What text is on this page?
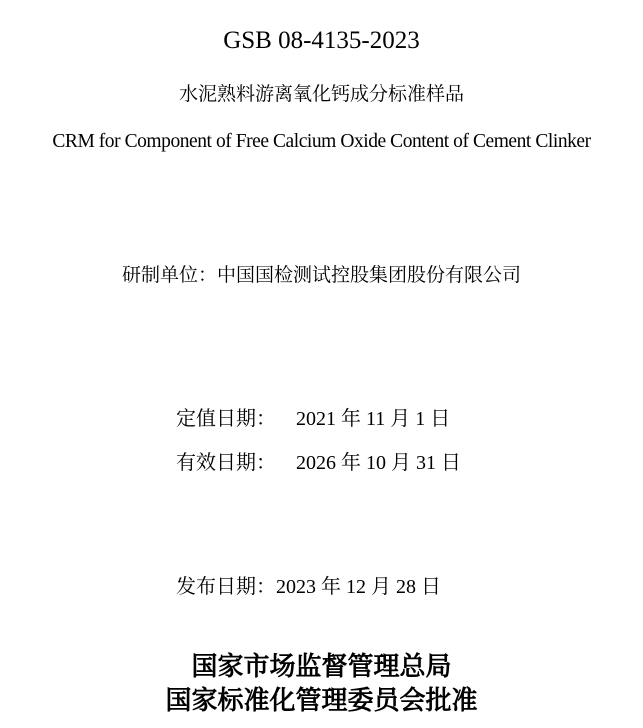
GSB 08-4135-2023
水泥熟料游离氧化钙成分标准样品
CRM for Component of Free Calcium Oxide Content of Cement Clinker
研制单位：中国国检测试控股集团股份有限公司
定值日期： 2021 年 11 月 1 日
有效日期： 2026 年 10 月 31 日
发布日期：2023 年 12 月 28 日
国家市场监督管理总局
国家标准化管理委员会批准
